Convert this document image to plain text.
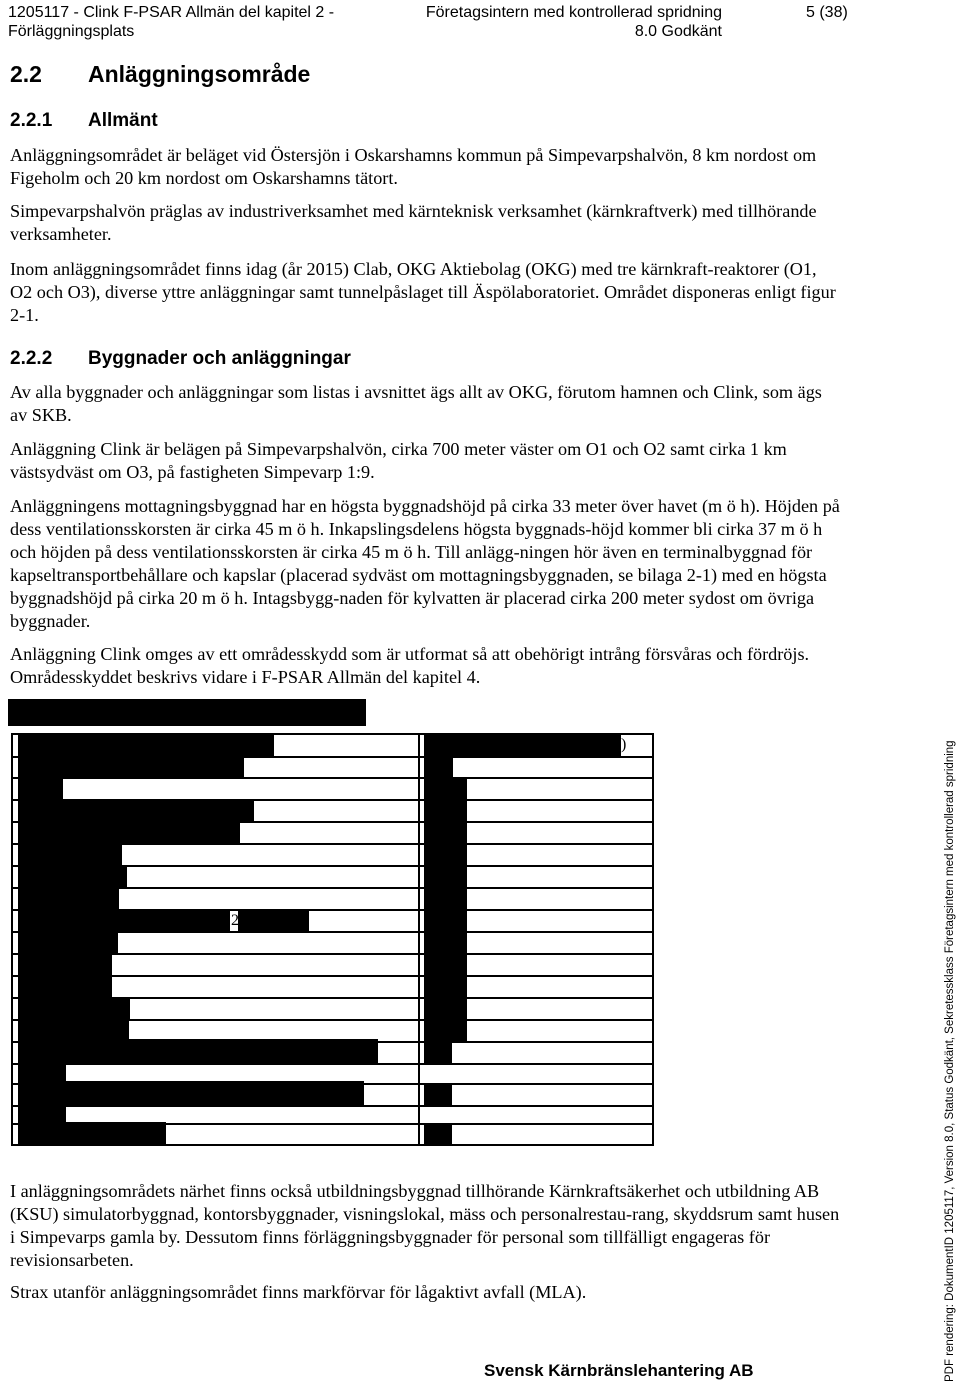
1205117 - Clink F-PSAR Allmän del kapitel 2 -
Förläggningsplats
Företagsintern med kontrollerad spridning
8.0 Godkänt
5 (38)
2.2 Anläggningsområde
2.2.1 Allmänt
Anläggningsområdet är beläget vid Östersjön i Oskarshamns kommun på Simpevarpshalvön, 8 km nordost om Figeholm och 20 km nordost om Oskarshamns tätort.
Simpevarpshalvön präglas av industriverksamhet med kärnteknisk verksamhet (kärnkraftverk) med tillhörande verksamheter.
Inom anläggningsområdet finns idag (år 2015) Clab, OKG Aktiebolag (OKG) med tre kärnkraft-reaktorer (O1, O2 och O3), diverse yttre anläggningar samt tunnelpåslaget till Äspölaboratoriet. Området disponeras enligt figur 2-1.
2.2.2 Byggnader och anläggningar
Av alla byggnader och anläggningar som listas i avsnittet ägs allt av OKG, förutom hamnen och Clink, som ägs av SKB.
Anläggning Clink är belägen på Simpevarpshalvön, cirka 700 meter väster om O1 och O2 samt cirka 1 km västsydväst om O3, på fastigheten Simpevarp 1:9.
Anläggningens mottagningsbyggnad har en högsta byggnadshöjd på cirka 33 meter över havet (m ö h). Höjden på dess ventilationsskorsten är cirka 45 m ö h. Inkapslingsdelens högsta byggnads-höjd kommer bli cirka 37 m ö h och höjden på dess ventilationsskorsten är cirka 45 m ö h. Till anlägg-ningen hör även en terminalbyggnad för kapseltransportbehållare och kapslar (placerad sydväst om mottagningsbyggnaden, se bilaga 2-1) med en högsta byggnadshöjd på cirka 20 m ö h. Intagsbygg-naden för kylvatten är placerad cirka 200 meter sydost om övriga byggnader.
Anläggning Clink omges av ett områdesskydd som är utformat så att obehörigt intrång försvåras och fördröjs. Områdesskyddet beskrivs vidare i F-PSAR Allmän del kapitel 4.
)
2
I anläggningsområdets närhet finns också utbildningsbyggnad tillhörande Kärnkraftsäkerhet och utbildning AB (KSU) simulatorbyggnad, kontorsbyggnader, visningslokal, mäss och personalrestau-rang, skyddsrum samt husen i Simpevarps gamla by. Dessutom finns förläggningsbyggnader för personal som tillfälligt engageras för revisionsarbeten.
Strax utanför anläggningsområdet finns markförvar för lågaktivt avfall (MLA).
Svensk Kärnbränslehantering AB	PDF rendering: DokumentID 1205117, Version 8.0, Status Godkänt, Sekretessklass Företagsintern med kontrollerad spridning
